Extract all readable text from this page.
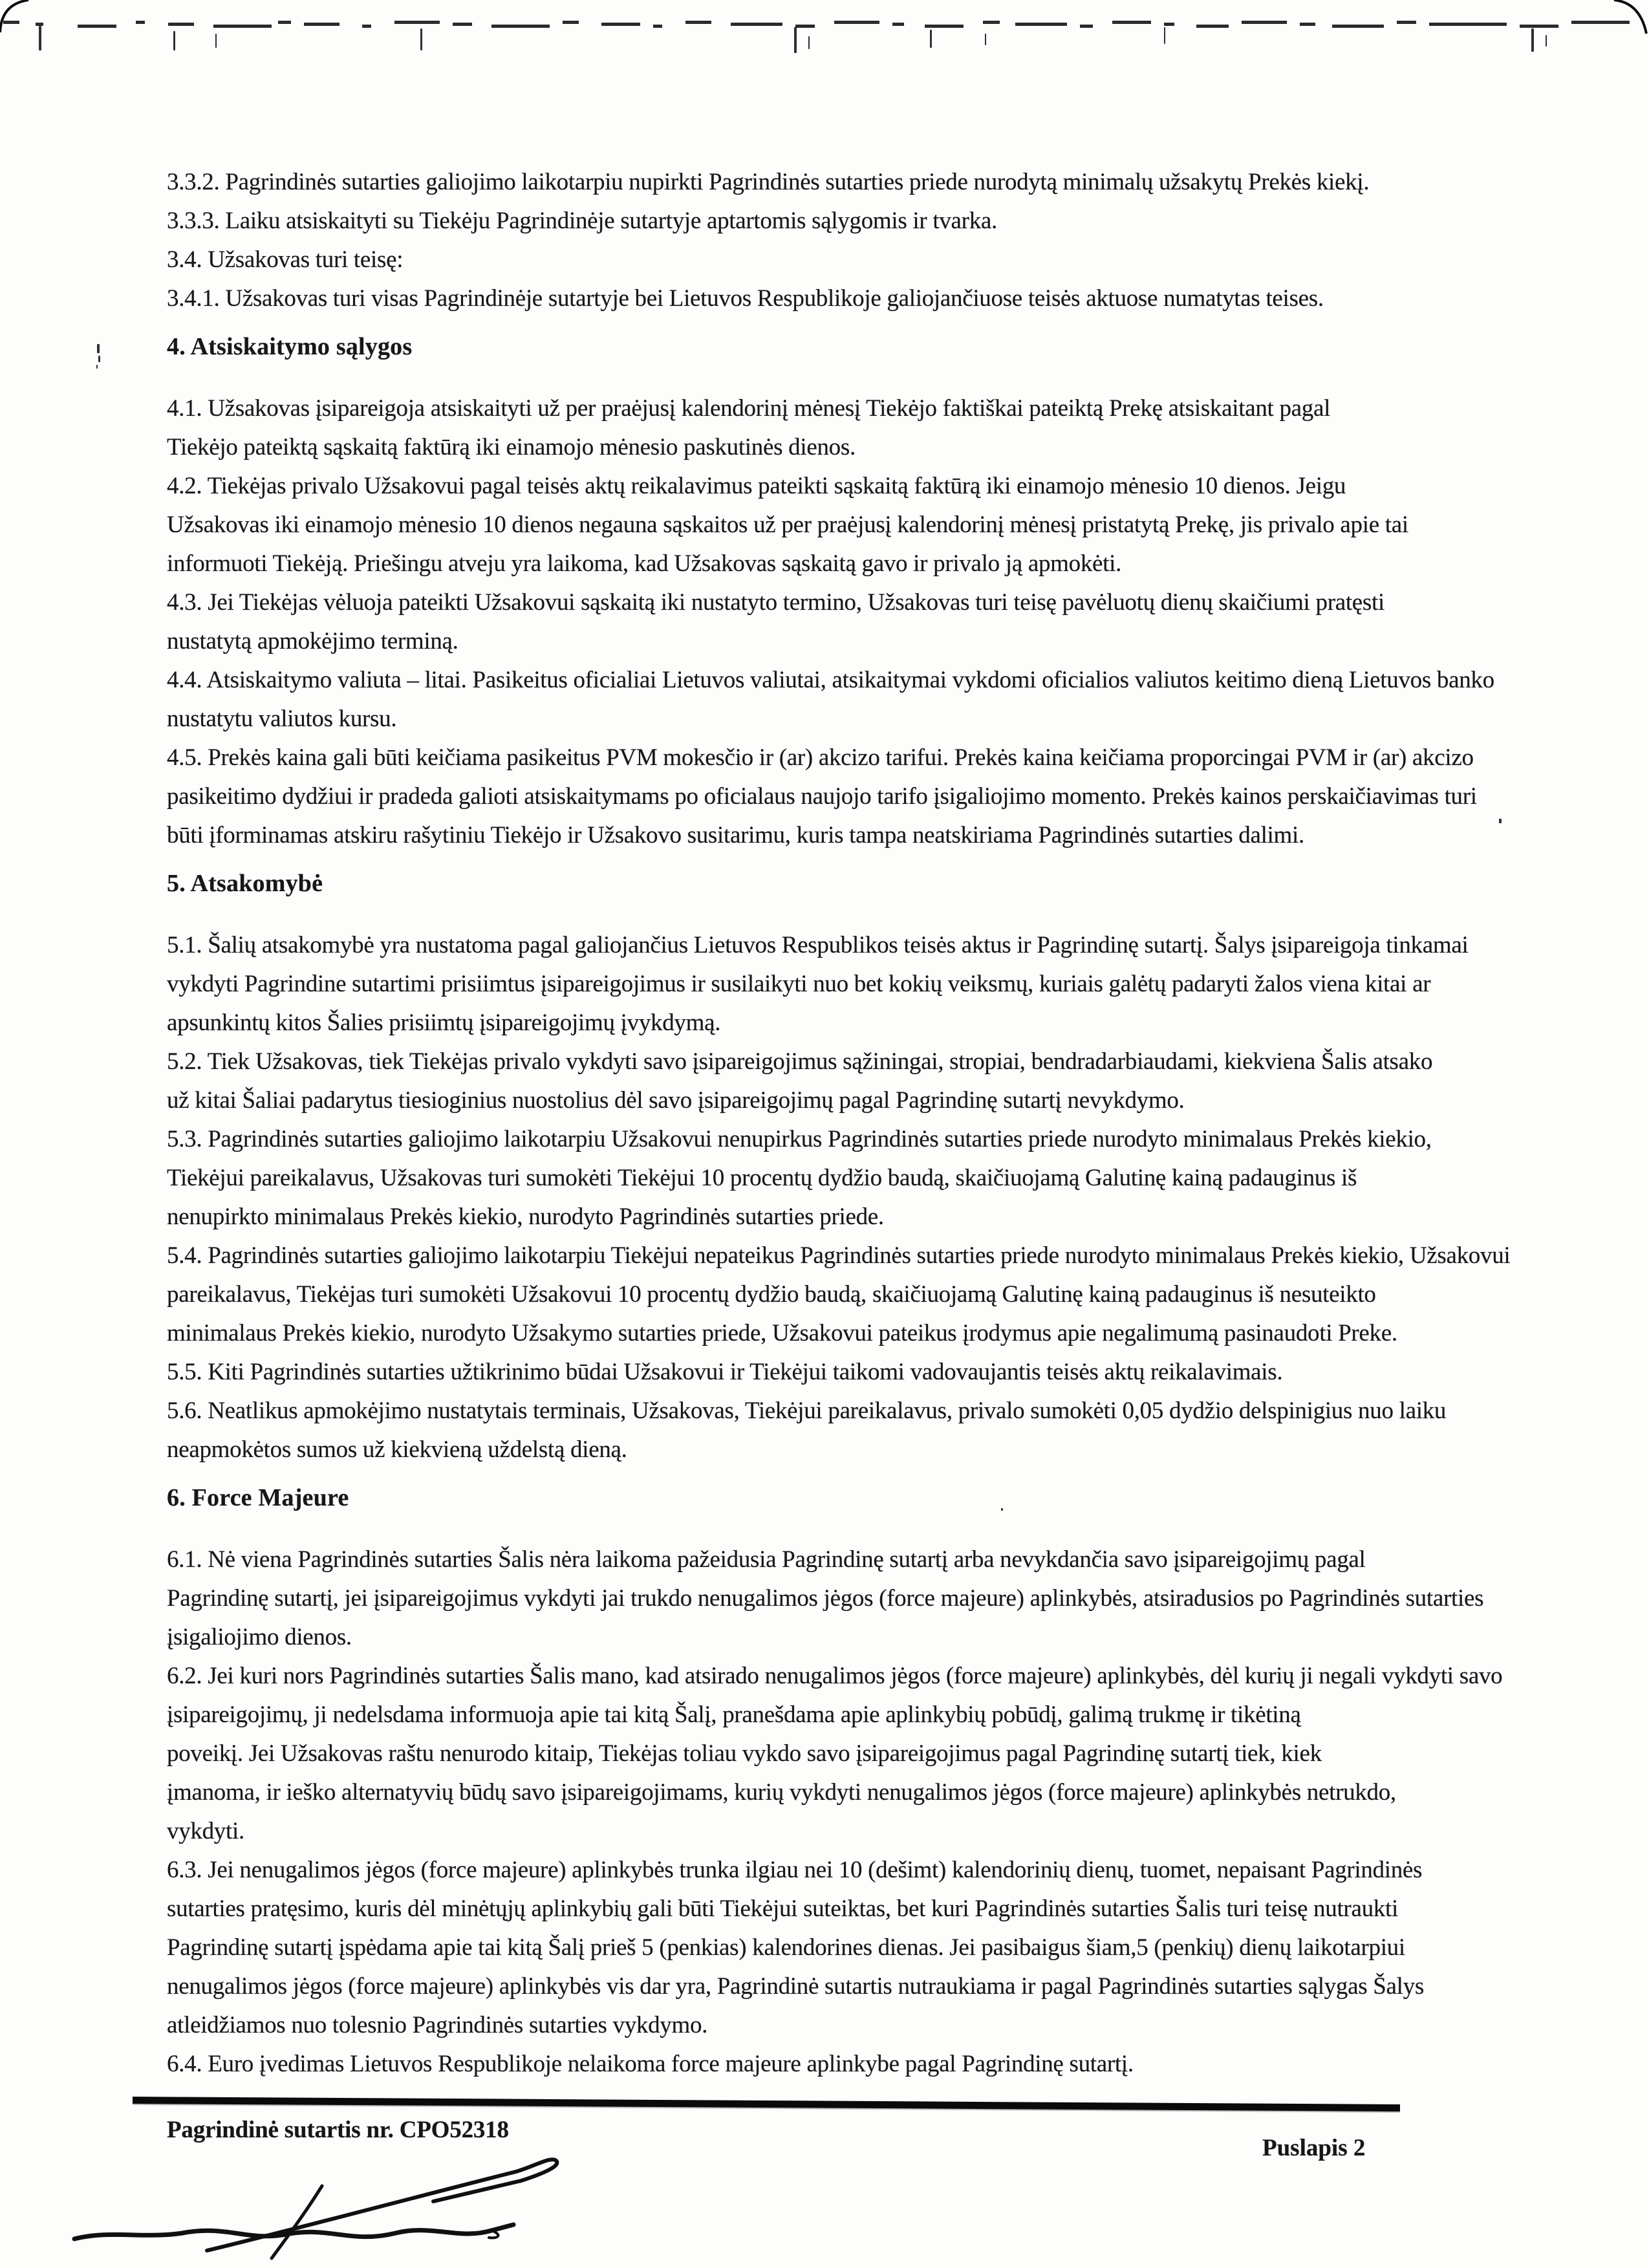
3.3.2. Pagrindinės sutarties galiojimo laikotarpiu nupirkti Pagrindinės sutarties priede nurodytą minimalų užsakytų Prekės kiekį.
3.3.3. Laiku atsiskaityti su Tiekėju Pagrindinėje sutartyje aptartomis sąlygomis ir tvarka.
3.4. Užsakovas turi teisę:
3.4.1. Užsakovas turi visas Pagrindinėje sutartyje bei Lietuvos Respublikoje galiojančiuose teisės aktuose numatytas teises.
4. Atsiskaitymo sąlygos
4.1. Užsakovas įsipareigoja atsiskaityti už per praėjusį kalendorinį mėnesį Tiekėjo faktiškai pateiktą Prekę atsiskaitant pagal
Tiekėjo pateiktą sąskaitą faktūrą iki einamojo mėnesio paskutinės dienos.
4.2. Tiekėjas privalo Užsakovui pagal teisės aktų reikalavimus pateikti sąskaitą faktūrą iki einamojo mėnesio 10 dienos. Jeigu
Užsakovas iki einamojo mėnesio 10 dienos negauna sąskaitos už per praėjusį kalendorinį mėnesį pristatytą Prekę, jis privalo apie tai
informuoti Tiekėją. Priešingu atveju yra laikoma, kad Užsakovas sąskaitą gavo ir privalo ją apmokėti.
4.3. Jei Tiekėjas vėluoja pateikti Užsakovui sąskaitą iki nustatyto termino, Užsakovas turi teisę pavėluotų dienų skaičiumi pratęsti
nustatytą apmokėjimo terminą.
4.4. Atsiskaitymo valiuta – litai. Pasikeitus oficialiai Lietuvos valiutai, atsikaitymai vykdomi oficialios valiutos keitimo dieną Lietuvos banko
nustatytu valiutos kursu.
4.5. Prekės kaina gali būti keičiama pasikeitus PVM mokesčio ir (ar) akcizo tarifui. Prekės kaina keičiama proporcingai PVM ir (ar) akcizo
pasikeitimo dydžiui ir pradeda galioti atsiskaitymams po oficialaus naujojo tarifo įsigaliojimo momento. Prekės kainos perskaičiavimas turi
būti įforminamas atskiru rašytiniu Tiekėjo ir Užsakovo susitarimu, kuris tampa neatskiriama Pagrindinės sutarties dalimi.
5. Atsakomybė
5.1. Šalių atsakomybė yra nustatoma pagal galiojančius Lietuvos Respublikos teisės aktus ir Pagrindinę sutartį. Šalys įsipareigoja tinkamai
vykdyti Pagrindine sutartimi prisiimtus įsipareigojimus ir susilaikyti nuo bet kokių veiksmų, kuriais galėtų padaryti žalos viena kitai ar
apsunkintų kitos Šalies prisiimtų įsipareigojimų įvykdymą.
5.2. Tiek Užsakovas, tiek Tiekėjas privalo vykdyti savo įsipareigojimus sąžiningai, stropiai, bendradarbiaudami, kiekviena Šalis atsako
už kitai Šaliai padarytus tiesioginius nuostolius dėl savo įsipareigojimų pagal Pagrindinę sutartį nevykdymo.
5.3. Pagrindinės sutarties galiojimo laikotarpiu Užsakovui nenupirkus Pagrindinės sutarties priede nurodyto minimalaus Prekės kiekio,
Tiekėjui pareikalavus, Užsakovas turi sumokėti Tiekėjui 10 procentų dydžio baudą, skaičiuojamą Galutinę kainą padauginus iš
nenupirkto minimalaus Prekės kiekio, nurodyto Pagrindinės sutarties priede.
5.4. Pagrindinės sutarties galiojimo laikotarpiu Tiekėjui nepateikus Pagrindinės sutarties priede nurodyto minimalaus Prekės kiekio, Užsakovui
pareikalavus, Tiekėjas turi sumokėti Užsakovui 10 procentų dydžio baudą, skaičiuojamą Galutinę kainą padauginus iš nesuteikto
minimalaus Prekės kiekio, nurodyto Užsakymo sutarties priede, Užsakovui pateikus įrodymus apie negalimumą pasinaudoti Preke.
5.5. Kiti Pagrindinės sutarties užtikrinimo būdai Užsakovui ir Tiekėjui taikomi vadovaujantis teisės aktų reikalavimais.
5.6. Neatlikus apmokėjimo nustatytais terminais, Užsakovas, Tiekėjui pareikalavus, privalo sumokėti 0,05 dydžio delspinigius nuo laiku
neapmokėtos sumos už kiekvieną uždelstą dieną.
6. Force Majeure
6.1. Nė viena Pagrindinės sutarties Šalis nėra laikoma pažeidusia Pagrindinę sutartį arba nevykdančia savo įsipareigojimų pagal
Pagrindinę sutartį, jei įsipareigojimus vykdyti jai trukdo nenugalimos jėgos (force majeure) aplinkybės, atsiradusios po Pagrindinės sutarties
įsigaliojimo dienos.
6.2. Jei kuri nors Pagrindinės sutarties Šalis mano, kad atsirado nenugalimos jėgos (force majeure) aplinkybės, dėl kurių ji negali vykdyti savo
įsipareigojimų, ji nedelsdama informuoja apie tai kitą Šalį, pranešdama apie aplinkybių pobūdį, galimą trukmę ir tikėtiną
poveikį. Jei Užsakovas raštu nenurodo kitaip, Tiekėjas toliau vykdo savo įsipareigojimus pagal Pagrindinę sutartį tiek, kiek
įmanoma, ir ieško alternatyvių būdų savo įsipareigojimams, kurių vykdyti nenugalimos jėgos (force majeure) aplinkybės netrukdo,
vykdyti.
6.3. Jei nenugalimos jėgos (force majeure) aplinkybės trunka ilgiau nei 10 (dešimt) kalendorinių dienų, tuomet, nepaisant Pagrindinės
sutarties pratęsimo, kuris dėl minėtųjų aplinkybių gali būti Tiekėjui suteiktas, bet kuri Pagrindinės sutarties Šalis turi teisę nutraukti
Pagrindinę sutartį įspėdama apie tai kitą Šalį prieš 5 (penkias) kalendorines dienas. Jei pasibaigus šiam,5 (penkių) dienų laikotarpiui
nenugalimos jėgos (force majeure) aplinkybės vis dar yra, Pagrindinė sutartis nutraukiama ir pagal Pagrindinės sutarties sąlygas Šalys
atleidžiamos nuo tolesnio Pagrindinės sutarties vykdymo.
6.4. Euro įvedimas Lietuvos Respublikoje nelaikoma force majeure aplinkybe pagal Pagrindinę sutartį.
Pagrindinė sutartis nr. CPO52318
Puslapis 2
